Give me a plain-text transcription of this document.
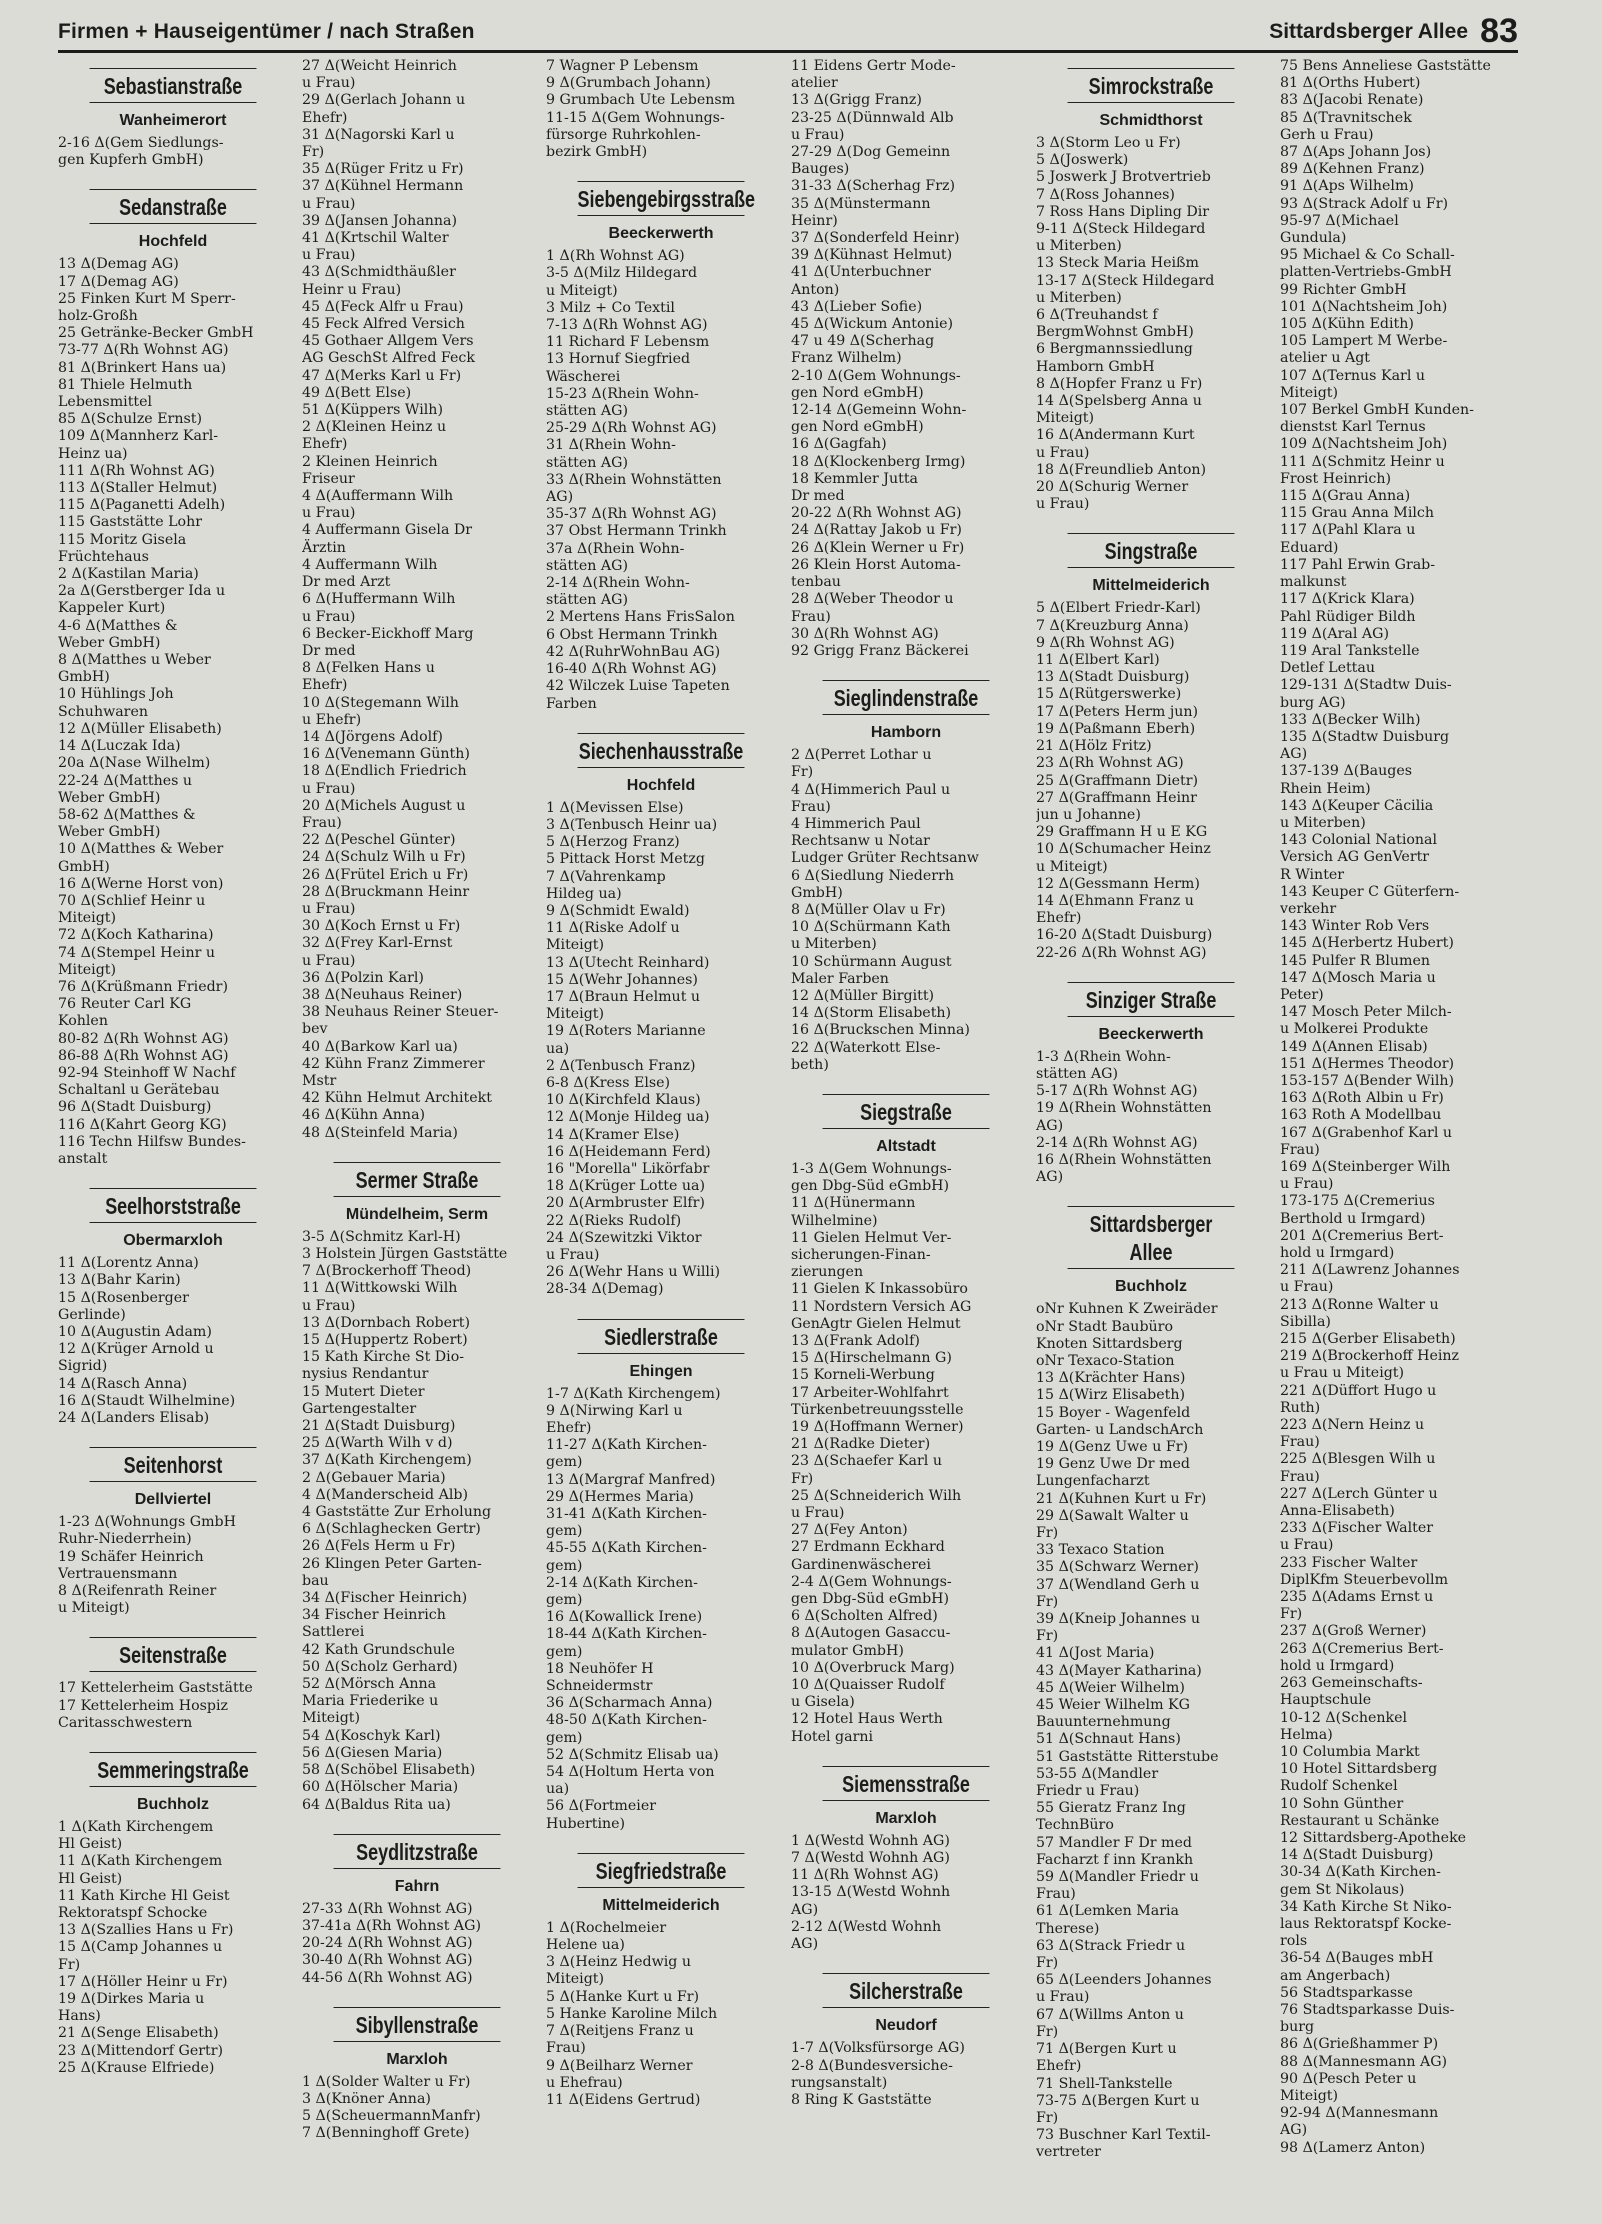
Firmen + Hauseigentümer / nach Straßen	Sittardsberger Allee 83
Sebastianstraße
Wanheimerort
2-16 Δ(Gem Siedlungs-
gen Kupferh GmbH)
Sedanstraße
Hochfeld
13 Δ(Demag AG)
17 Δ(Demag AG)
25 Finken Kurt M Sperr-
holz-Großh
25 Getränke-Becker GmbH
73-77 Δ(Rh Wohnst AG)
81 Δ(Brinkert Hans ua)
81 Thiele Helmuth
Lebensmittel
85 Δ(Schulze Ernst)
109 Δ(Mannherz Karl-
Heinz ua)
111 Δ(Rh Wohnst AG)
113 Δ(Staller Helmut)
115 Δ(Paganetti Adelh)
115 Gaststätte Lohr
115 Moritz Gisela
Früchtehaus
2 Δ(Kastilan Maria)
2a Δ(Gerstberger Ida u
Kappeler Kurt)
4-6 Δ(Matthes &
Weber GmbH)
8 Δ(Matthes u Weber
GmbH)
10 Hühlings Joh
Schuhwaren
12 Δ(Müller Elisabeth)
14 Δ(Luczak Ida)
20a Δ(Nase Wilhelm)
22-24 Δ(Matthes u
Weber GmbH)
58-62 Δ(Matthes &
Weber GmbH)
10 Δ(Matthes & Weber
GmbH)
16 Δ(Werne Horst von)
70 Δ(Schlief Heinr u
Miteigt)
72 Δ(Koch Katharina)
74 Δ(Stempel Heinr u
Miteigt)
76 Δ(Krüßmann Friedr)
76 Reuter Carl KG
Kohlen
80-82 Δ(Rh Wohnst AG)
86-88 Δ(Rh Wohnst AG)
92-94 Steinhoff W Nachf
Schaltanl u Gerätebau
96 Δ(Stadt Duisburg)
116 Δ(Kahrt Georg KG)
116 Techn Hilfsw Bundes-
anstalt
Seelhorststraße
Obermarxloh
11 Δ(Lorentz Anna)
13 Δ(Bahr Karin)
15 Δ(Rosenberger
Gerlinde)
10 Δ(Augustin Adam)
12 Δ(Krüger Arnold u
Sigrid)
14 Δ(Rasch Anna)
16 Δ(Staudt Wilhelmine)
24 Δ(Landers Elisab)
Seitenhorst
Dellviertel
1-23 Δ(Wohnungs GmbH
Ruhr-Niederrhein)
19 Schäfer Heinrich
Vertrauensmann
8 Δ(Reifenrath Reiner
u Miteigt)
Seitenstraße
17 Kettelerheim Gaststätte
17 Kettelerheim Hospiz
Caritasschwestern
Semmeringstraße
Buchholz
1 Δ(Kath Kirchengem
Hl Geist)
11 Δ(Kath Kirchengem
Hl Geist)
11 Kath Kirche Hl Geist
Rektoratspf Schocke
13 Δ(Szallies Hans u Fr)
15 Δ(Camp Johannes u
Fr)
17 Δ(Höller Heinr u Fr)
19 Δ(Dirkes Maria u
Hans)
21 Δ(Senge Elisabeth)
23 Δ(Mittendorf Gertr)
25 Δ(Krause Elfriede)
27 Δ(Weicht Heinrich
u Frau)
29 Δ(Gerlach Johann u
Ehefr)
31 Δ(Nagorski Karl u
Fr)
35 Δ(Rüger Fritz u Fr)
37 Δ(Kühnel Hermann
u Frau)
39 Δ(Jansen Johanna)
41 Δ(Krtschil Walter
u Frau)
43 Δ(Schmidthäußler
Heinr u Frau)
45 Δ(Feck Alfr u Frau)
45 Feck Alfred Versich
45 Gothaer Allgem Vers
AG GeschSt Alfred Feck
47 Δ(Merks Karl u Fr)
49 Δ(Bett Else)
51 Δ(Küppers Wilh)
2 Δ(Kleinen Heinz u
Ehefr)
2 Kleinen Heinrich
Friseur
4 Δ(Auffermann Wilh
u Frau)
4 Auffermann Gisela Dr
Ärztin
4 Auffermann Wilh
Dr med Arzt
6 Δ(Huffermann Wilh
u Frau)
6 Becker-Eickhoff Marg
Dr med
8 Δ(Felken Hans u
Ehefr)
10 Δ(Stegemann Wilh
u Ehefr)
14 Δ(Jörgens Adolf)
16 Δ(Venemann Günth)
18 Δ(Endlich Friedrich
u Frau)
20 Δ(Michels August u
Frau)
22 Δ(Peschel Günter)
24 Δ(Schulz Wilh u Fr)
26 Δ(Frütel Erich u Fr)
28 Δ(Bruckmann Heinr
u Frau)
30 Δ(Koch Ernst u Fr)
32 Δ(Frey Karl-Ernst
u Frau)
36 Δ(Polzin Karl)
38 Δ(Neuhaus Reiner)
38 Neuhaus Reiner Steuer-
bev
40 Δ(Barkow Karl ua)
42 Kühn Franz Zimmerer
Mstr
42 Kühn Helmut Architekt
46 Δ(Kühn Anna)
48 Δ(Steinfeld Maria)
Sermer Straße
Mündelheim, Serm
3-5 Δ(Schmitz Karl-H)
3 Holstein Jürgen Gaststätte
7 Δ(Brockerhoff Theod)
11 Δ(Wittkowski Wilh
u Frau)
13 Δ(Dornbach Robert)
15 Δ(Huppertz Robert)
15 Kath Kirche St Dio-
nysius Rendantur
15 Mutert Dieter
Gartengestalter
21 Δ(Stadt Duisburg)
25 Δ(Warth Wilh v d)
37 Δ(Kath Kirchengem)
2 Δ(Gebauer Maria)
4 Δ(Manderscheid Alb)
4 Gaststätte Zur Erholung
6 Δ(Schlaghecken Gertr)
26 Δ(Fels Herm u Fr)
26 Klingen Peter Garten-
bau
34 Δ(Fischer Heinrich)
34 Fischer Heinrich
Sattlerei
42 Kath Grundschule
50 Δ(Scholz Gerhard)
52 Δ(Mörsch Anna
Maria Friederike u
Miteigt)
54 Δ(Koschyk Karl)
56 Δ(Giesen Maria)
58 Δ(Schöbel Elisabeth)
60 Δ(Hölscher Maria)
64 Δ(Baldus Rita ua)
Seydlitzstraße
Fahrn
27-33 Δ(Rh Wohnst AG)
37-41a Δ(Rh Wohnst AG)
20-24 Δ(Rh Wohnst AG)
30-40 Δ(Rh Wohnst AG)
44-56 Δ(Rh Wohnst AG)
Sibyllenstraße
Marxloh
1 Δ(Solder Walter u Fr)
3 Δ(Knöner Anna)
5 Δ(ScheuermannManfr)
7 Δ(Benninghoff Grete)
7 Wagner P Lebensm
9 Δ(Grumbach Johann)
9 Grumbach Ute Lebensm
11-15 Δ(Gem Wohnungs-
fürsorge Ruhrkohlen-
bezirk GmbH)
Siebengebirgsstraße
Beeckerwerth
1 Δ(Rh Wohnst AG)
3-5 Δ(Milz Hildegard
u Miteigt)
3 Milz + Co Textil
7-13 Δ(Rh Wohnst AG)
11 Richard F Lebensm
13 Hornuf Siegfried
Wäscherei
15-23 Δ(Rhein Wohn-
stätten AG)
25-29 Δ(Rh Wohnst AG)
31 Δ(Rhein Wohn-
stätten AG)
33 Δ(Rhein Wohnstätten
AG)
35-37 Δ(Rh Wohnst AG)
37 Obst Hermann Trinkh
37a Δ(Rhein Wohn-
stätten AG)
2-14 Δ(Rhein Wohn-
stätten AG)
2 Mertens Hans FrisSalon
6 Obst Hermann Trinkh
42 Δ(RuhrWohnBau AG)
16-40 Δ(Rh Wohnst AG)
42 Wilczek Luise Tapeten
Farben
Siechenhausstraße
Hochfeld
1 Δ(Mevissen Else)
3 Δ(Tenbusch Heinr ua)
5 Δ(Herzog Franz)
5 Pittack Horst Metzg
7 Δ(Vahrenkamp
Hildeg ua)
9 Δ(Schmidt Ewald)
11 Δ(Riske Adolf u
Miteigt)
13 Δ(Utecht Reinhard)
15 Δ(Wehr Johannes)
17 Δ(Braun Helmut u
Miteigt)
19 Δ(Roters Marianne
ua)
2 Δ(Tenbusch Franz)
6-8 Δ(Kress Else)
10 Δ(Kirchfeld Klaus)
12 Δ(Monje Hildeg ua)
14 Δ(Kramer Else)
16 Δ(Heidemann Ferd)
16 "Morella" Likörfabr
18 Δ(Krüger Lotte ua)
20 Δ(Armbruster Elfr)
22 Δ(Rieks Rudolf)
24 Δ(Szewitzki Viktor
u Frau)
26 Δ(Wehr Hans u Willi)
28-34 Δ(Demag)
Siedlerstraße
Ehingen
1-7 Δ(Kath Kirchengem)
9 Δ(Nirwing Karl u
Ehefr)
11-27 Δ(Kath Kirchen-
gem)
13 Δ(Margraf Manfred)
29 Δ(Hermes Maria)
31-41 Δ(Kath Kirchen-
gem)
45-55 Δ(Kath Kirchen-
gem)
2-14 Δ(Kath Kirchen-
gem)
16 Δ(Kowallick Irene)
18-44 Δ(Kath Kirchen-
gem)
18 Neuhöfer H
Schneidermstr
36 Δ(Scharmach Anna)
48-50 Δ(Kath Kirchen-
gem)
52 Δ(Schmitz Elisab ua)
54 Δ(Holtum Herta von
ua)
56 Δ(Fortmeier
Hubertine)
Siegfriedstraße
Mittelmeiderich
1 Δ(Rochelmeier
Helene ua)
3 Δ(Heinz Hedwig u
Miteigt)
5 Δ(Hanke Kurt u Fr)
5 Hanke Karoline Milch
7 Δ(Reitjens Franz u
Frau)
9 Δ(Beilharz Werner
u Ehefrau)
11 Δ(Eidens Gertrud)
11 Eidens Gertr Mode-
atelier
13 Δ(Grigg Franz)
23-25 Δ(Dünnwald Alb
u Frau)
27-29 Δ(Dog Gemeinn
Bauges)
31-33 Δ(Scherhag Frz)
35 Δ(Münstermann
Heinr)
37 Δ(Sonderfeld Heinr)
39 Δ(Kühnast Helmut)
41 Δ(Unterbuchner
Anton)
43 Δ(Lieber Sofie)
45 Δ(Wickum Antonie)
47 u 49 Δ(Scherhag
Franz Wilhelm)
2-10 Δ(Gem Wohnungs-
gen Nord eGmbH)
12-14 Δ(Gemeinn Wohn-
gen Nord eGmbH)
16 Δ(Gagfah)
18 Δ(Klockenberg Irmg)
18 Kemmler Jutta
Dr med
20-22 Δ(Rh Wohnst AG)
24 Δ(Rattay Jakob u Fr)
26 Δ(Klein Werner u Fr)
26 Klein Horst Automa-
tenbau
28 Δ(Weber Theodor u
Frau)
30 Δ(Rh Wohnst AG)
92 Grigg Franz Bäckerei
Sieglindenstraße
Hamborn
2 Δ(Perret Lothar u
Fr)
4 Δ(Himmerich Paul u
Frau)
4 Himmerich Paul
Rechtsanw u Notar
Ludger Grüter Rechtsanw
6 Δ(Siedlung Niederrh
GmbH)
8 Δ(Müller Olav u Fr)
10 Δ(Schürmann Kath
u Miterben)
10 Schürmann August
Maler Farben
12 Δ(Müller Birgitt)
14 Δ(Storm Elisabeth)
16 Δ(Bruckschen Minna)
22 Δ(Waterkott Else-
beth)
Siegstraße
Altstadt
1-3 Δ(Gem Wohnungs-
gen Dbg-Süd eGmbH)
11 Δ(Hünermann
Wilhelmine)
11 Gielen Helmut Ver-
sicherungen-Finan-
zierungen
11 Gielen K Inkassobüro
11 Nordstern Versich AG
GenAgtr Gielen Helmut
13 Δ(Frank Adolf)
15 Δ(Hirschelmann G)
15 Korneli-Werbung
17 Arbeiter-Wohlfahrt
Türkenbetreuungsstelle
19 Δ(Hoffmann Werner)
21 Δ(Radke Dieter)
23 Δ(Schaefer Karl u
Fr)
25 Δ(Schneiderich Wilh
u Frau)
27 Δ(Fey Anton)
27 Erdmann Eckhard
Gardinenwäscherei
2-4 Δ(Gem Wohnungs-
gen Dbg-Süd eGmbH)
6 Δ(Scholten Alfred)
8 Δ(Autogen Gasaccu-
mulator GmbH)
10 Δ(Overbruck Marg)
10 Δ(Quaisser Rudolf
u Gisela)
12 Hotel Haus Werth
Hotel garni
Siemensstraße
Marxloh
1 Δ(Westd Wohnh AG)
7 Δ(Westd Wohnh AG)
11 Δ(Rh Wohnst AG)
13-15 Δ(Westd Wohnh
AG)
2-12 Δ(Westd Wohnh
AG)
Silcherstraße
Neudorf
1-7 Δ(Volksfürsorge AG)
2-8 Δ(Bundesversiche-
rungsanstalt)
8 Ring K Gaststätte
Simrockstraße
Schmidthorst
3 Δ(Storm Leo u Fr)
5 Δ(Joswerk)
5 Joswerk J Brotvertrieb
7 Δ(Ross Johannes)
7 Ross Hans Dipling Dir
9-11 Δ(Steck Hildegard
u Miterben)
13 Steck Maria Heißm
13-17 Δ(Steck Hildegard
u Miterben)
6 Δ(Treuhandst f
BergmWohnst GmbH)
6 Bergmannssiedlung
Hamborn GmbH
8 Δ(Hopfer Franz u Fr)
14 Δ(Spelsberg Anna u
Miteigt)
16 Δ(Andermann Kurt
u Frau)
18 Δ(Freundlieb Anton)
20 Δ(Schurig Werner
u Frau)
Singstraße
Mittelmeiderich
5 Δ(Elbert Friedr-Karl)
7 Δ(Kreuzburg Anna)
9 Δ(Rh Wohnst AG)
11 Δ(Elbert Karl)
13 Δ(Stadt Duisburg)
15 Δ(Rütgerswerke)
17 Δ(Peters Herm jun)
19 Δ(Paßmann Eberh)
21 Δ(Hölz Fritz)
23 Δ(Rh Wohnst AG)
25 Δ(Graffmann Dietr)
27 Δ(Graffmann Heinr
jun u Johanne)
29 Graffmann H u E KG
10 Δ(Schumacher Heinz
u Miteigt)
12 Δ(Gessmann Herm)
14 Δ(Ehmann Franz u
Ehefr)
16-20 Δ(Stadt Duisburg)
22-26 Δ(Rh Wohnst AG)
Sinziger Straße
Beeckerwerth
1-3 Δ(Rhein Wohn-
stätten AG)
5-17 Δ(Rh Wohnst AG)
19 Δ(Rhein Wohnstätten
AG)
2-14 Δ(Rh Wohnst AG)
16 Δ(Rhein Wohnstätten
AG)
Sittardsberger Allee
Buchholz
oNr Kuhnen K Zweiräder
oNr Stadt Baubüro
Knoten Sittardsberg
oNr Texaco-Station
13 Δ(Krächter Hans)
15 Δ(Wirz Elisabeth)
15 Boyer - Wagenfeld
Garten- u LandschArch
19 Δ(Genz Uwe u Fr)
19 Genz Uwe Dr med
Lungenfacharzt
21 Δ(Kuhnen Kurt u Fr)
29 Δ(Sawalt Walter u
Fr)
33 Texaco Station
35 Δ(Schwarz Werner)
37 Δ(Wendland Gerh u
Fr)
39 Δ(Kneip Johannes u
Fr)
41 Δ(Jost Maria)
43 Δ(Mayer Katharina)
45 Δ(Weier Wilhelm)
45 Weier Wilhelm KG
Bauunternehmung
51 Δ(Schnaut Hans)
51 Gaststätte Ritterstube
53-55 Δ(Mandler
Friedr u Frau)
55 Gieratz Franz Ing
TechnBüro
57 Mandler F Dr med
Facharzt f inn Krankh
59 Δ(Mandler Friedr u
Frau)
61 Δ(Lemken Maria
Therese)
63 Δ(Strack Friedr u
Fr)
65 Δ(Leenders Johannes
u Frau)
67 Δ(Willms Anton u
Fr)
71 Δ(Bergen Kurt u
Ehefr)
71 Shell-Tankstelle
73-75 Δ(Bergen Kurt u
Fr)
73 Buschner Karl Textil-
vertreter
75 Bens Anneliese Gaststätte
81 Δ(Orths Hubert)
83 Δ(Jacobi Renate)
85 Δ(Travnitschek
Gerh u Frau)
87 Δ(Aps Johann Jos)
89 Δ(Kehnen Franz)
91 Δ(Aps Wilhelm)
93 Δ(Strack Adolf u Fr)
95-97 Δ(Michael
Gundula)
95 Michael & Co Schall-
platten-Vertriebs-GmbH
99 Richter GmbH
101 Δ(Nachtsheim Joh)
105 Δ(Kühn Edith)
105 Lampert M Werbe-
atelier u Agt
107 Δ(Ternus Karl u
Miteigt)
107 Berkel GmbH Kunden-
dienstst Karl Ternus
109 Δ(Nachtsheim Joh)
111 Δ(Schmitz Heinr u
Frost Heinrich)
115 Δ(Grau Anna)
115 Grau Anna Milch
117 Δ(Pahl Klara u
Eduard)
117 Pahl Erwin Grab-
malkunst
117 Δ(Krick Klara)
Pahl Rüdiger Bildh
119 Δ(Aral AG)
119 Aral Tankstelle
Detlef Lettau
129-131 Δ(Stadtw Duis-
burg AG)
133 Δ(Becker Wilh)
135 Δ(Stadtw Duisburg
AG)
137-139 Δ(Bauges
Rhein Heim)
143 Δ(Keuper Cäcilia
u Miterben)
143 Colonial National
Versich AG GenVertr
R Winter
143 Keuper C Güterfern-
verkehr
143 Winter Rob Vers
145 Δ(Herbertz Hubert)
145 Pulfer R Blumen
147 Δ(Mosch Maria u
Peter)
147 Mosch Peter Milch-
u Molkerei Produkte
149 Δ(Annen Elisab)
151 Δ(Hermes Theodor)
153-157 Δ(Bender Wilh)
163 Δ(Roth Albin u Fr)
163 Roth A Modellbau
167 Δ(Grabenhof Karl u
Frau)
169 Δ(Steinberger Wilh
u Frau)
173-175 Δ(Cremerius
Berthold u Irmgard)
201 Δ(Cremerius Bert-
hold u Irmgard)
211 Δ(Lawrenz Johannes
u Frau)
213 Δ(Ronne Walter u
Sibilla)
215 Δ(Gerber Elisabeth)
219 Δ(Brockerhoff Heinz
u Frau u Miteigt)
221 Δ(Düffort Hugo u
Ruth)
223 Δ(Nern Heinz u
Frau)
225 Δ(Blesgen Wilh u
Frau)
227 Δ(Lerch Günter u
Anna-Elisabeth)
233 Δ(Fischer Walter
u Frau)
233 Fischer Walter
DiplKfm Steuerbevollm
235 Δ(Adams Ernst u
Fr)
237 Δ(Groß Werner)
263 Δ(Cremerius Bert-
hold u Irmgard)
263 Gemeinschafts-
Hauptschule
10-12 Δ(Schenkel
Helma)
10 Columbia Markt
10 Hotel Sittardsberg
Rudolf Schenkel
10 Sohn Günther
Restaurant u Schänke
12 Sittardsberg-Apotheke
14 Δ(Stadt Duisburg)
30-34 Δ(Kath Kirchen-
gem St Nikolaus)
34 Kath Kirche St Niko-
laus Rektoratspf Kocke-
rols
36-54 Δ(Bauges mbH
am Angerbach)
56 Stadtsparkasse
76 Stadtsparkasse Duis-
burg
86 Δ(Grießhammer P)
88 Δ(Mannesmann AG)
90 Δ(Pesch Peter u
Miteigt)
92-94 Δ(Mannesmann
AG)
98 Δ(Lamerz Anton)
